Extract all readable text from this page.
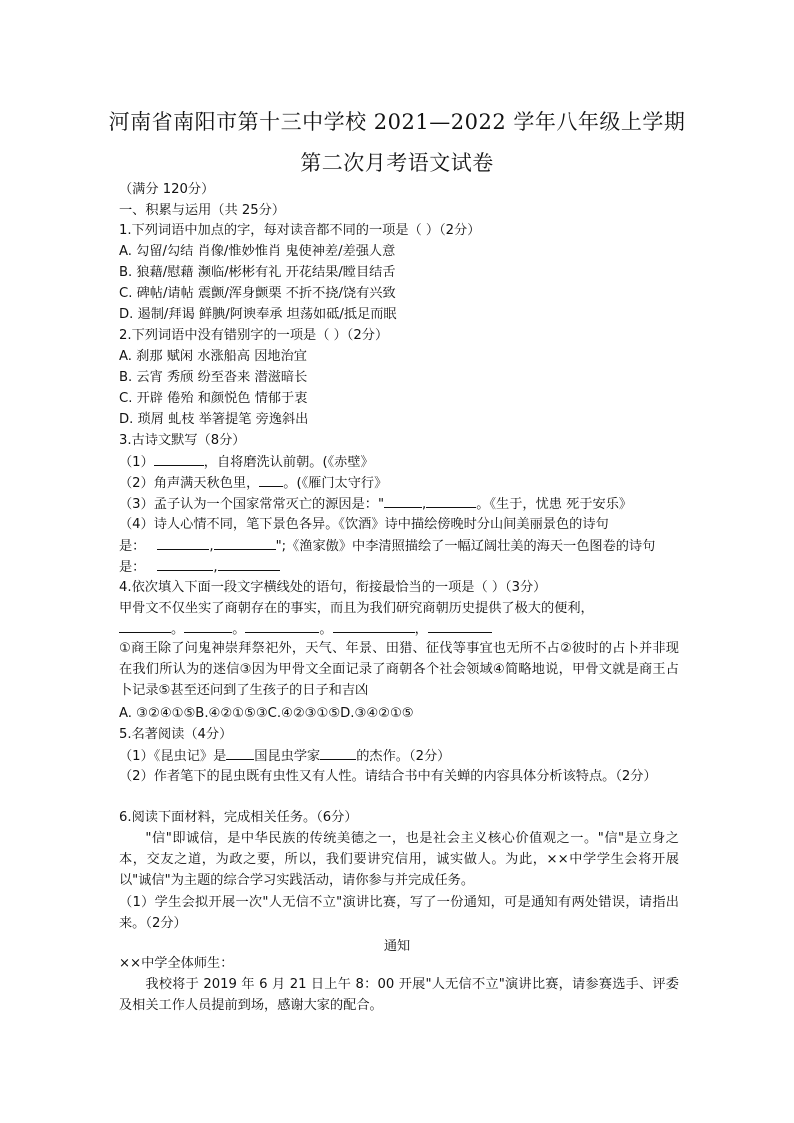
河南省南阳市第十三中学校 2021—2022 学年八年级上学期
第二次月考语文试卷
（满分 120分）
一、积累与运用（共 25分）
1.下列词语中加点的字，每对读音都不同的一项是（ ）（2分）
A. 勾留/勾结 肖像/惟妙惟肖 鬼使神差/差强人意
B. 狼藉/慰藉 濒临/彬彬有礼 开花结果/瞠目结舌
C. 碑帖/请帖 震颤/浑身颤栗 不折不挠/饶有兴致
D. 遏制/拜谒 鲜腆/阿谀奉承 坦荡如砥/抵足而眠
2.下列词语中没有错别字的一项是（ ）（2分）
A. 刹那 赋闲 水涨船高 因地治宜
B. 云宵 秀颀 纷至沓来 潜滋暗长
C. 开辟 倦殆 和颜悦色 情郁于衷
D. 琐屑 虬枝 举箸提笔 旁逸斜出
3.古诗文默写（8分）
（1）	，自将磨洗认前朝。(《赤壁》
（2）角声满天秋色里， 。(《雁门太守行》
（3）孟子认为一个国家常常灭亡的源因是："	,	。《生于，忧患 死于安乐》
（4）诗人心情不同，笔下景色各异。《饮酒》诗中描绘傍晚时分山间美丽景色的诗句
是：	,	";《渔家傲》中李清照描绘了一幅辽阔壮美的海天一色图卷的诗句
是：	,
4.依次填入下面一段文字横线处的语句，衔接最恰当的一项是（ ）（3分）
甲骨文不仅坐实了商朝存在的事实，而且为我们研究商朝历史提供了极大的便利，
。	。	。	，
①商王除了问鬼神崇拜祭祀外，天气、年景、田猎、征伐等事宜也无所不占②彼时的占卜并非现在我们所认为的迷信③因为甲骨文全面记录了商朝各个社会领域④简略地说，甲骨文就是商王占卜记录⑤甚至还问到了生孩子的日子和吉凶
A. ③②④①⑤B.④②①⑤③C.④②③①⑤D.③④②①⑤
5.名著阅读（4分）
（1）《昆虫记》是 国昆虫学家	的杰作。（2分）
（2）作者笔下的昆虫既有虫性又有人性。请结合书中有关蝉的内容具体分析该特点。（2分）
6.阅读下面材料，完成相关任务。（6分）
"信"即诚信，是中华民族的传统美德之一，也是社会主义核心价值观之一。"信"是立身之本，交友之道，为政之要，所以，我们要讲究信用，诚实做人。为此，××中学学生会将开展以"诚信"为主题的综合学习实践活动，请你参与并完成任务。
（1）学生会拟开展一次"人无信不立"演讲比赛，写了一份通知，可是通知有两处错误，请指出来。（2分）
通知
××中学全体师生：
我校将于 2019 年 6 月 21 日上午 8：00 开展"人无信不立"演讲比赛，请参赛选手、评委及相关工作人员提前到场，感谢大家的配合。
